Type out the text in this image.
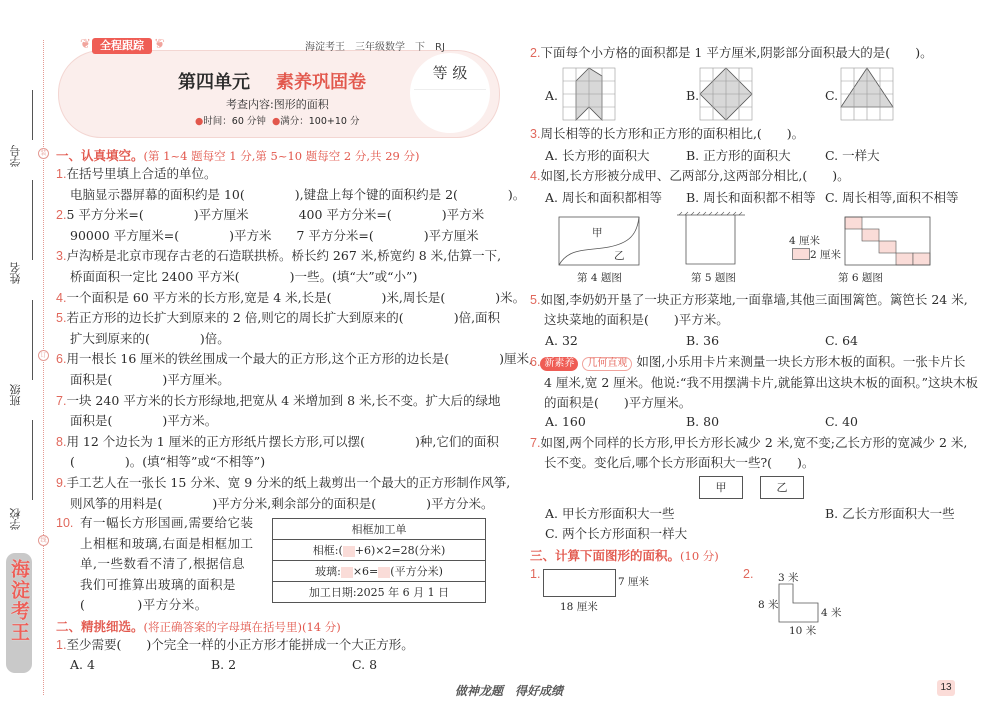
学号
姓名
班级
学校
装
订
线
海淀考王
❦	❦
全程跟踪	海淀考王　三年级数学　下　RJ
第四单元 素养巩固卷
考查内容:图形的面积
●时间：60 分钟 ●满分：100+10 分
等 级
一、认真填空。(第 1~4 题每空 1 分,第 5~10 题每空 2 分,共 29 分)
1.在括号里填上合适的单位。
电脑显示器屏幕的面积约是 10(　　　　),键盘上每个键的面积约是 2(　　　　)。
2.5 平方分米=(　　　　)平方厘米　　　　400 平方分米=(　　　　)平方米
90000 平方厘米=(　　　　)平方米　　7 平方分米=(　　　　)平方厘米
3.卢沟桥是北京市现存古老的石造联拱桥。桥长约 267 米,桥宽约 8 米,估算一下,
桥面面积一定比 2400 平方米(　　　　)一些。(填“大”或“小”)
4.一个面积是 60 平方米的长方形,宽是 4 米,长是(　　　　)米,周长是(　　　　)米。
5.若正方形的边长扩大到原来的 2 倍,则它的周长扩大到原来的(　　　　)倍,面积
扩大到原来的(　　　　)倍。
6.用一根长 16 厘米的铁丝围成一个最大的正方形,这个正方形的边长是(　　　　)厘米,
面积是(　　　　)平方厘米。
7.一块 240 平方米的长方形绿地,把宽从 4 米增加到 8 米,长不变。扩大后的绿地
面积是(　　　　)平方米。
8.用 12 个边长为 1 厘米的正方形纸片摆长方形,可以摆(　　　　)种,它们的面积
(　　　　)。(填“相等”或“不相等”)
9.手工艺人在一张长 15 分米、宽 9 分米的纸上裁剪出一个最大的正方形制作风筝,
则风筝的用料是(　　　　)平方分米,剩余部分的面积是(　　　　)平方分米。
10. 有一幅长方形国画,需要给它装
上相框和玻璃,右面是相框加工
单,一些数看不清了,根据信息
我们可推算出玻璃的面积是
(　　　　)平方分米。
相框加工单
相框:( +6)×2=28(分米)
玻璃: ×6= (平方分米)
加工日期:2025 年 6 月 1 日
二、精挑细选。(将正确答案的字母填在括号里)(14 分)
1.至少需要(　　)个完全一样的小正方形才能拼成一个大正方形。
A. 4	B. 2	C. 8
2.下面每个小方格的面积都是 1 平方厘米,阴影部分面积最大的是(　　)。
A.	B.	C.
3.周长相等的长方形和正方形的面积相比,(　　)。
A. 长方形的面积大	B. 正方形的面积大	C. 一样大
4.如图,长方形被分成甲、乙两部分,这两部分相比,(　　)。
A. 周长和面积都相等 B. 周长和面积都不相等 C. 周长相等,面积不相等
甲
乙
第 4 题图	第 5 题图
4 厘米
2 厘米
第 6 题图
5.如图,李奶奶开垦了一块正方形菜地,一面靠墙,其他三面围篱笆。篱笆长 24 米,
这块菜地的面积是(　　)平方米。
A. 32	B. 36	C. 64
6. 新素养 几何直观 如图,小乐用卡片来测量一块长方形木板的面积。一张卡片长
4 厘米,宽 2 厘米。他说:“我不用摆满卡片,就能算出这块木板的面积。”这块木板
的面积是(　　)平方厘米。
A. 160	B. 80	C. 40
7.如图,两个同样的长方形,甲长方形长减少 2 米,宽不变;乙长方形的宽减少 2 米,
长不变。变化后,哪个长方形面积大一些?(　　)。
甲	乙
A. 甲长方形面积大一些	B. 乙长方形面积大一些
C. 两个长方形面积一样大
三、计算下面图形的面积。(10 分)
1.
7 厘米
18 厘米
2. 3 米
8 米
4 米
10 米
做神龙题　得好成绩	13
